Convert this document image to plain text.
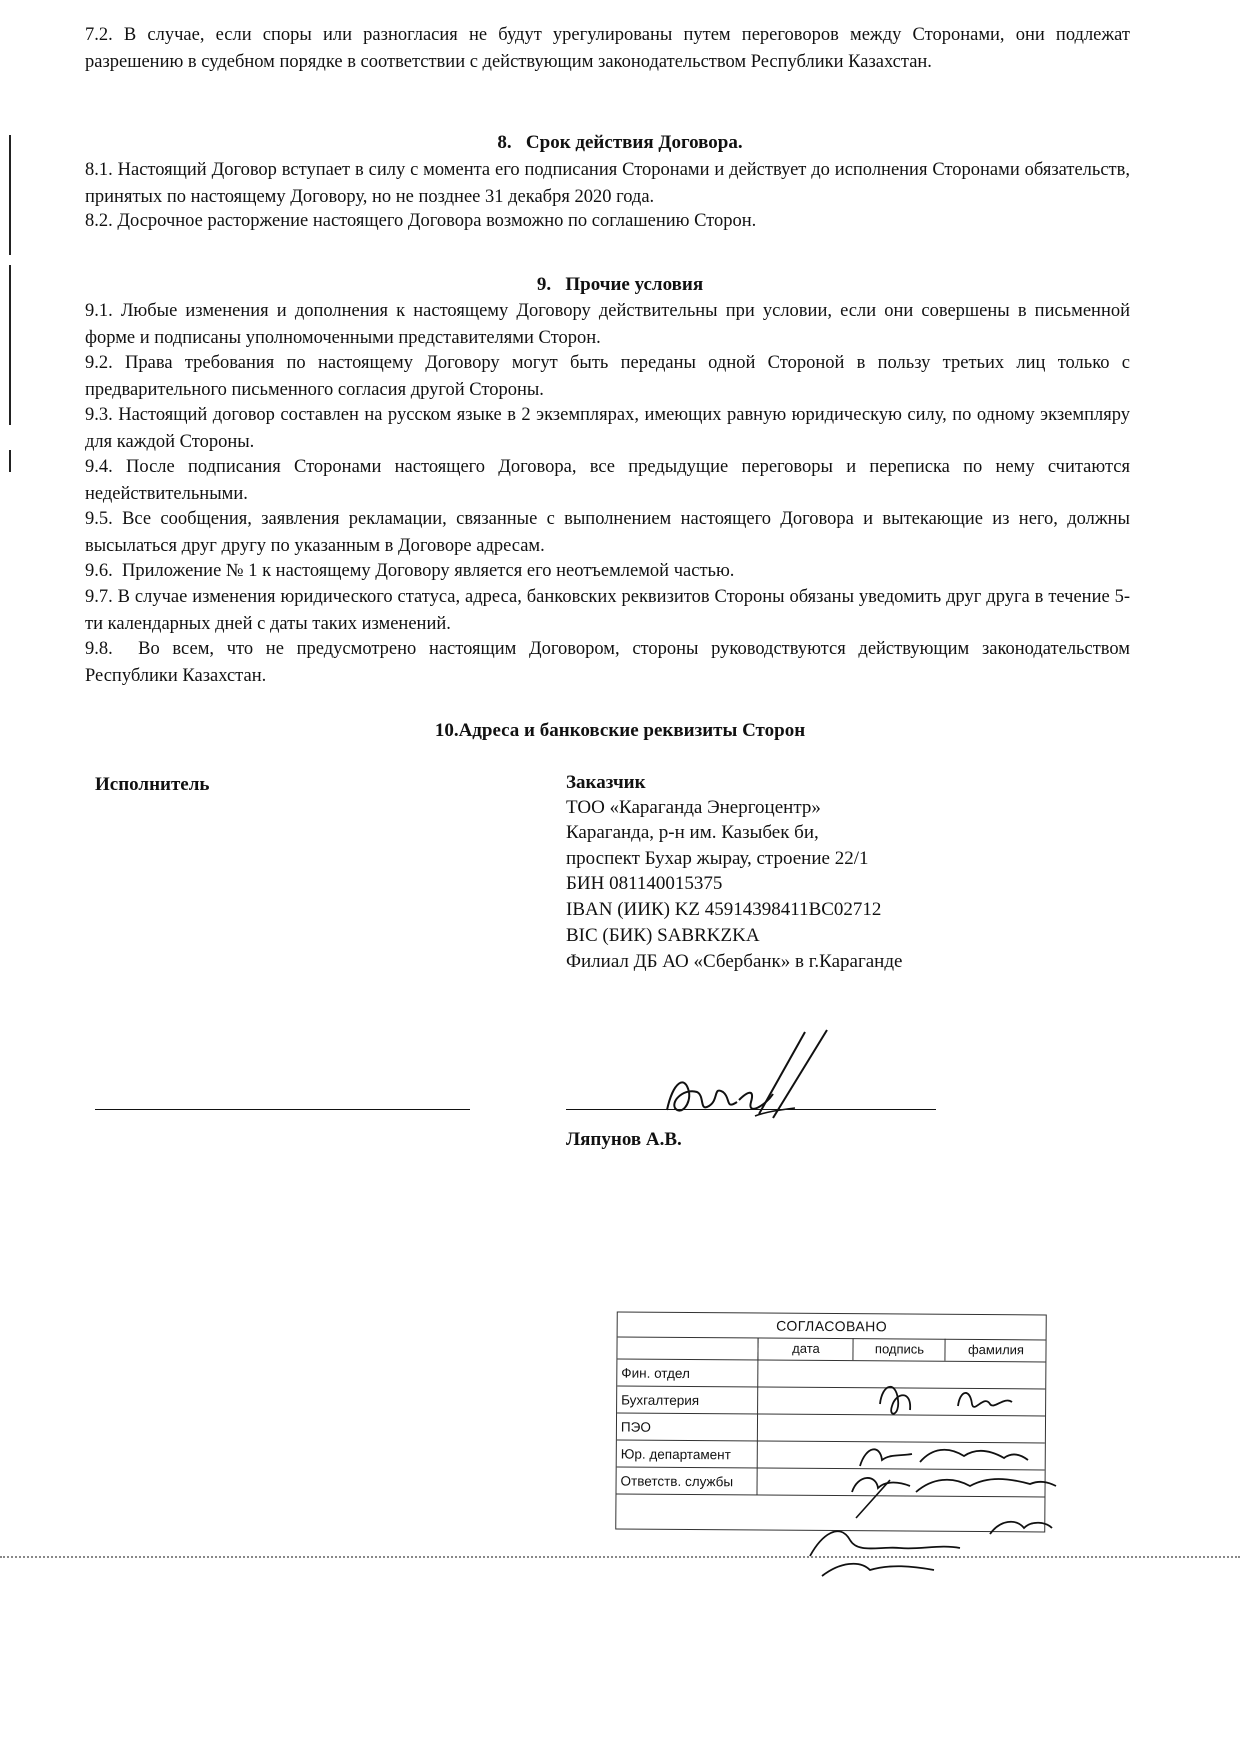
7.2. В случае, если споры или разногласия не будут урегулированы путем переговоров между Сторонами, они подлежат разрешению в судебном порядке в соответствии с действующим законодательством Республики Казахстан.

8.   Срок действия Договора.

8.1. Настоящий Договор вступает в силу с момента его подписания Сторонами и действует до исполнения Сторонами обязательств, принятых по настоящему Договору, но не позднее 31 декабря 2020 года.

8.2. Досрочное расторжение настоящего Договора возможно по соглашению Сторон.

9.   Прочие условия

9.1. Любые изменения и дополнения к настоящему Договору действительны при условии, если они совершены в письменной форме и подписаны уполномоченными представителями Сторон.

9.2. Права требования по настоящему Договору могут быть переданы одной Стороной в пользу третьих лиц только с предварительного письменного согласия другой Стороны.

9.3. Настоящий договор составлен на русском языке в 2 экземплярах, имеющих равную юридическую силу, по одному экземпляру для каждой Стороны.

9.4. После подписания Сторонами настоящего Договора, все предыдущие переговоры и переписка по нему считаются недействительными.

9.5. Все сообщения, заявления рекламации, связанные с выполнением настоящего Договора и вытекающие из него, должны высылаться друг другу по указанным в Договоре адресам.

9.6.  Приложение № 1 к настоящему Договору является его неотъемлемой частью.

9.7. В случае изменения юридического статуса, адреса, банковских реквизитов Стороны обязаны уведомить друг друга в течение 5-ти календарных дней с даты таких изменений.

9.8.  Во всем, что не предусмотрено настоящим Договором, стороны руководствуются действующим законодательством Республики Казахстан.

10.Адреса и банковские реквизиты Сторон

Исполнитель	Заказчик
ТОО «Караганда Энергоцентр»
Караганда, р-н им. Казыбек би,
проспект Бухар жырау, строение 22/1
БИН 081140015375
IBAN (ИИК) KZ 45914398411BC02712
BIC (БИК) SABRKZKA
Филиал ДБ АО «Сбербанк» в г.Караганде
Ляпунов А.В.
СОГЛАСОВАНО
дата	подпись	фамилия
Фин. отдел
Бухгалтерия
ПЭО
Юр. департамент
Ответств. службы
